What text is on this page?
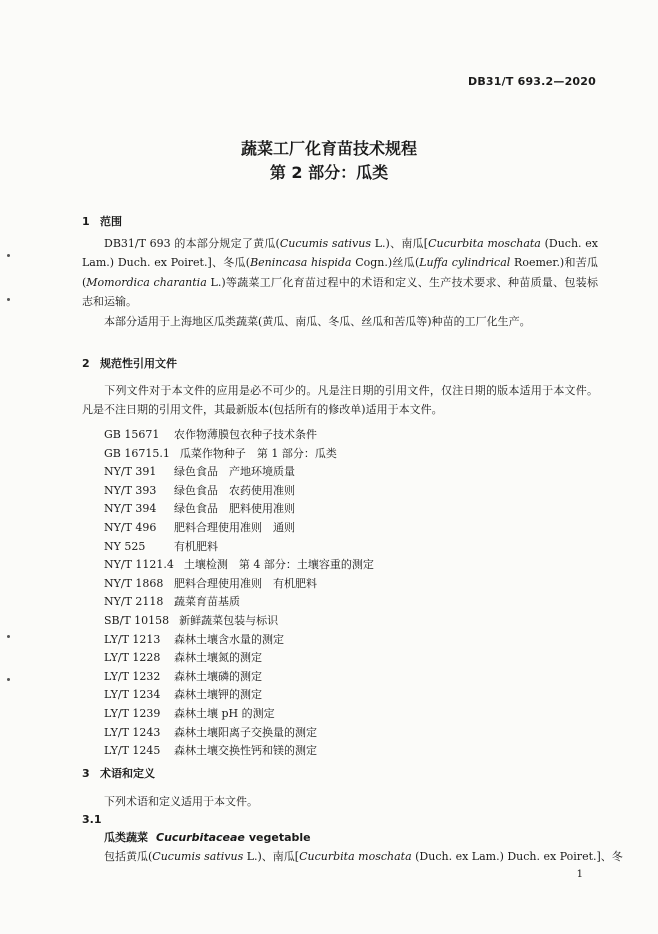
DB31/T 693.2—2020
蔬菜工厂化育苗技术规程
第 2 部分：瓜类
1 范围
DB31/T 693 的本部分规定了黄瓜(Cucumis sativus L.)、南瓜[Cucurbita moschata (Duch. ex Lam.) Duch. ex Poiret.]、冬瓜(Benincasa hispida Cogn.)丝瓜(Luffa cylindrical Roemer.)和苦瓜(Momordica charantia L.)等蔬菜工厂化育苗过程中的术语和定义、生产技术要求、种苗质量、包装标志和运输。
本部分适用于上海地区瓜类蔬菜(黄瓜、南瓜、冬瓜、丝瓜和苦瓜等)种苗的工厂化生产。
2 规范性引用文件
下列文件对于本文件的应用是必不可少的。凡是注日期的引用文件，仅注日期的版本适用于本文件。凡是不注日期的引用文件，其最新版本(包括所有的修改单)适用于本文件。
GB 15671 农作物薄膜包衣种子技术条件
GB 16715.1 瓜菜作物种子　第 1 部分：瓜类
NY/T 391 绿色食品　产地环境质量
NY/T 393 绿色食品　农药使用准则
NY/T 394 绿色食品　肥料使用准则
NY/T 496 肥料合理使用准则　通则
NY 525	有机肥料
NY/T 1121.4 土壤检测　第 4 部分：土壤容重的测定
NY/T 1868 肥料合理使用准则　有机肥料
NY/T 2118 蔬菜育苗基质
SB/T 10158 新鲜蔬菜包装与标识
LY/T 1213 森林土壤含水量的测定
LY/T 1228 森林土壤氮的测定
LY/T 1232 森林土壤磷的测定
LY/T 1234 森林土壤钾的测定
LY/T 1239 森林土壤 pH 的测定
LY/T 1243 森林土壤阳离子交换量的测定
LY/T 1245 森林土壤交换性钙和镁的测定
3 术语和定义
下列术语和定义适用于本文件。
3.1
瓜类蔬菜 Cucurbitaceae vegetable
包括黄瓜(Cucumis sativus L.)、南瓜[Cucurbita moschata (Duch. ex Lam.) Duch. ex Poiret.]、冬
1
